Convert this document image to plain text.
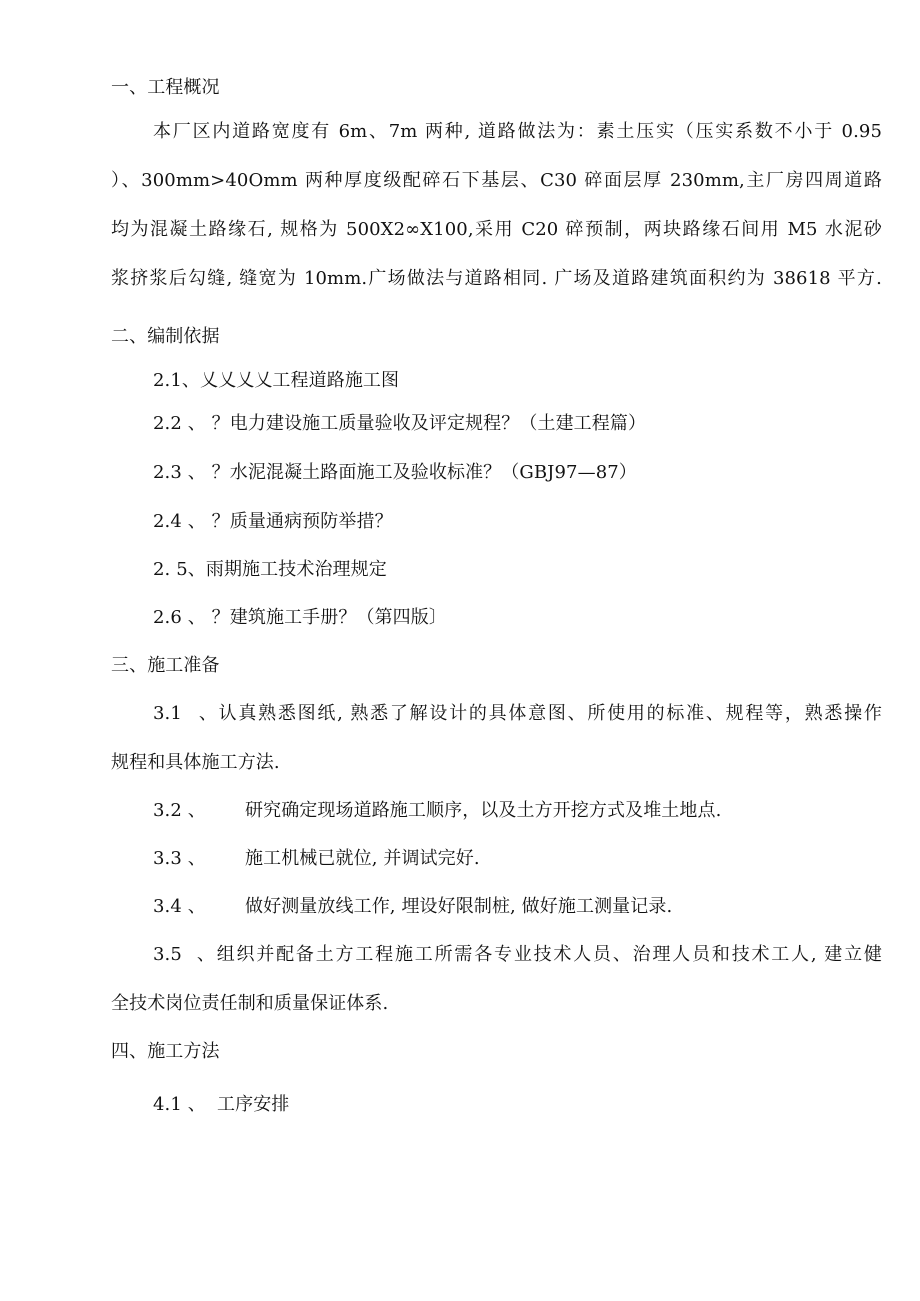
一、工程概况
本厂区内道路宽度有 6m、7m 两种, 道路做法为：素土压实（压实系数不小于 0.95
）、300mm>40Omm 两种厚度级配碎石下基层、C30 碎面层厚 230mm,主厂房四周道路
均为混凝土路缘石, 规格为 500X2∞X100,采用 C20 碎预制，两块路缘石间用 M5 水泥砂
浆挤浆后勾缝, 缝宽为 10mm.广场做法与道路相同. 广场及道路建筑面积约为 38618 平方.
二、编制依据
2.1、乂乂乂乂工程道路施工图
2.2 、 ？电力建设施工质量验收及评定规程？（土建工程篇）
2.3 、 ？水泥混凝土路面施工及验收标准？（GBJ97—87）
2.4 、 ？质量通病预防举措？
2. 5、雨期施工技术治理规定
2.6 、 ？建筑施工手册？（第四版〕
三、施工准备
3.1 、认真熟悉图纸, 熟悉了解设计的具体意图、所使用的标准、规程等，熟悉操作
规程和具体施工方法.
3.2 、 研究确定现场道路施工顺序，以及土方开挖方式及堆土地点.
3.3 、 施工机械已就位, 并调试完好.
3.4 、 做好测量放线工作, 埋设好限制桩, 做好施工测量记录.
3.5 、组织并配备土方工程施工所需各专业技术人员、治理人员和技术工人, 建立健
全技术岗位责任制和质量保证体系.
四、施工方法
4.1 、 工序安排
